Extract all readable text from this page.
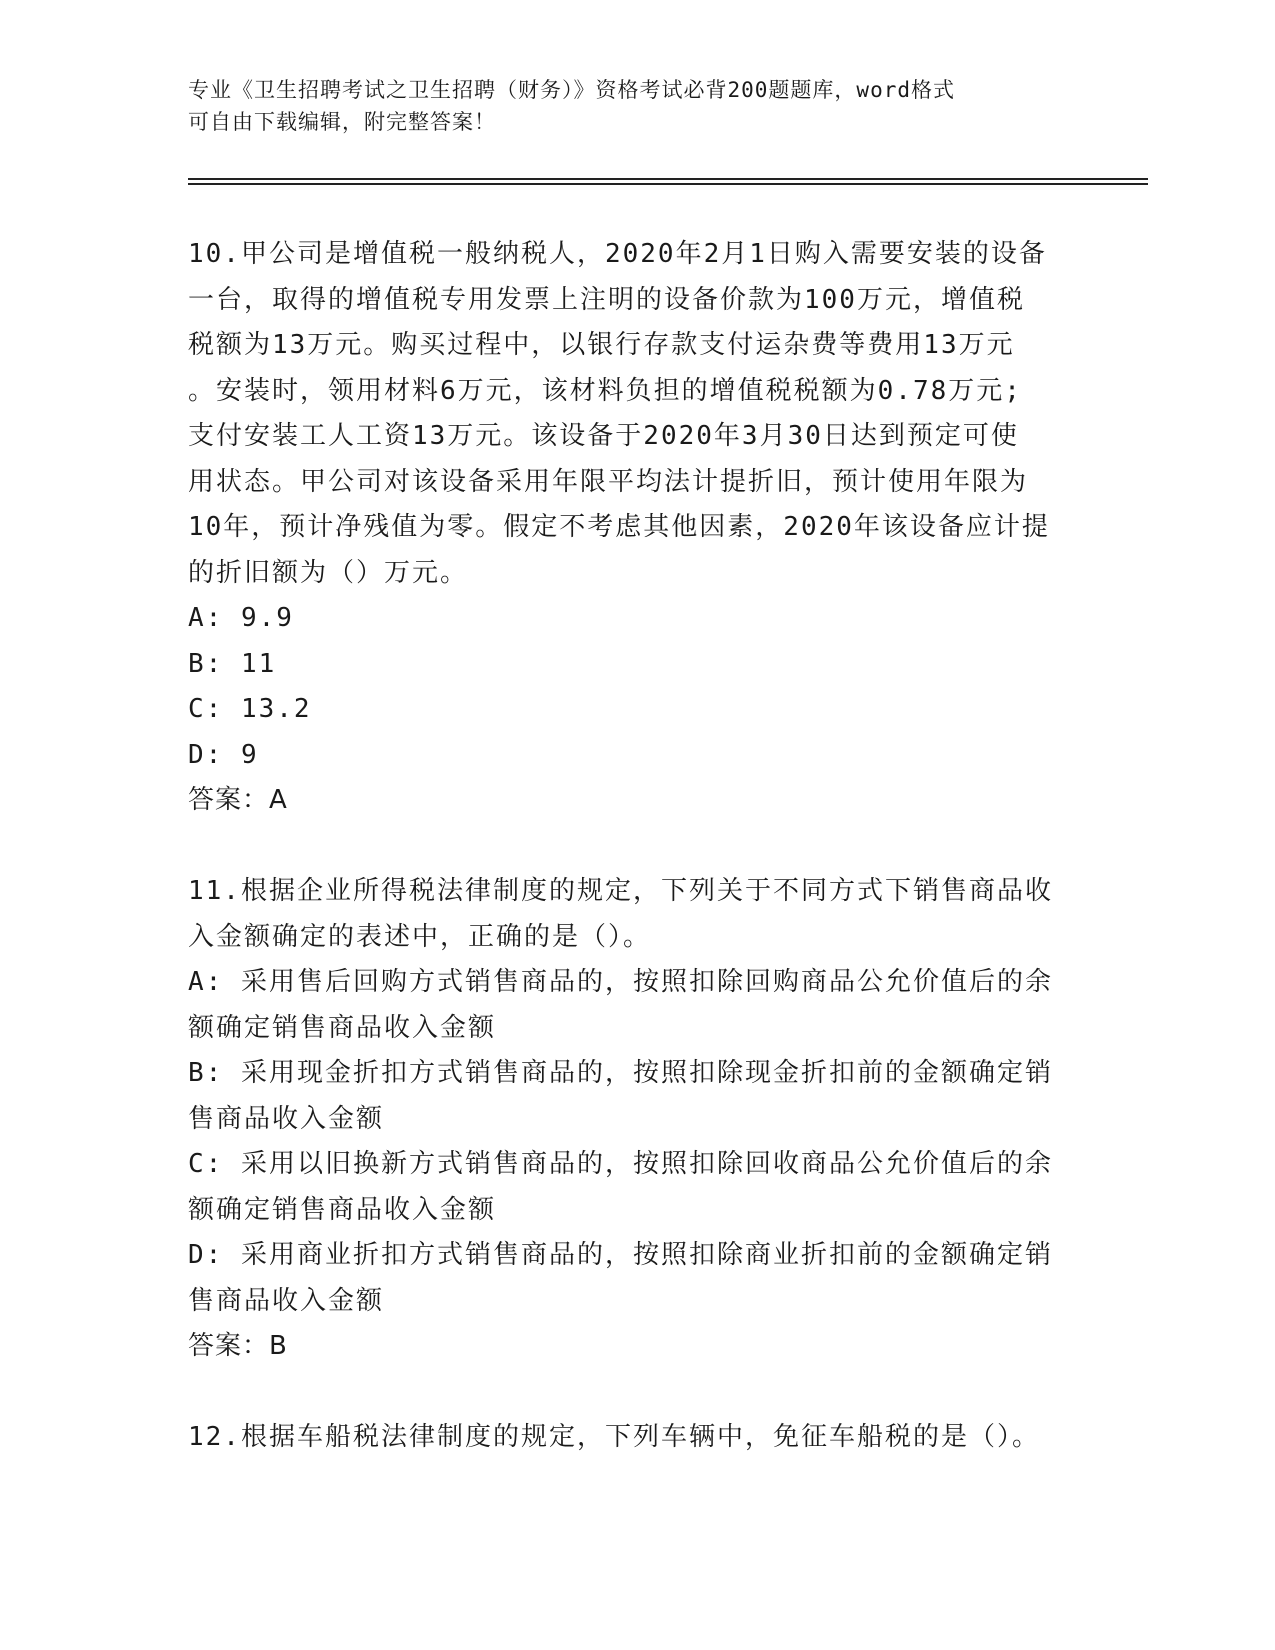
专业《卫生招聘考试之卫生招聘（财务）》资格考试必背200题题库，word格式
可自由下载编辑，附完整答案！
10.甲公司是增值税一般纳税人，2020年2月1日购入需要安装的设备
一台，取得的增值税专用发票上注明的设备价款为100万元，增值税
税额为13万元。购买过程中，以银行存款支付运杂费等费用13万元
。安装时，领用材料6万元，该材料负担的增值税税额为0.78万元;
支付安装工人工资13万元。该设备于2020年3月30日达到预定可使
用状态。甲公司对该设备采用年限平均法计提折旧，预计使用年限为
10年，预计净残值为零。假定不考虑其他因素，2020年该设备应计提
的折旧额为（）万元。
A: 9.9
B: 11
C: 13.2
D: 9
答案：A
11.根据企业所得税法律制度的规定，下列关于不同方式下销售商品收
入金额确定的表述中，正确的是（）。
A: 采用售后回购方式销售商品的，按照扣除回购商品公允价值后的余
额确定销售商品收入金额
B: 采用现金折扣方式销售商品的，按照扣除现金折扣前的金额确定销
售商品收入金额
C: 采用以旧换新方式销售商品的，按照扣除回收商品公允价值后的余
额确定销售商品收入金额
D: 采用商业折扣方式销售商品的，按照扣除商业折扣前的金额确定销
售商品收入金额
答案：B
12.根据车船税法律制度的规定，下列车辆中，免征车船税的是（）。
